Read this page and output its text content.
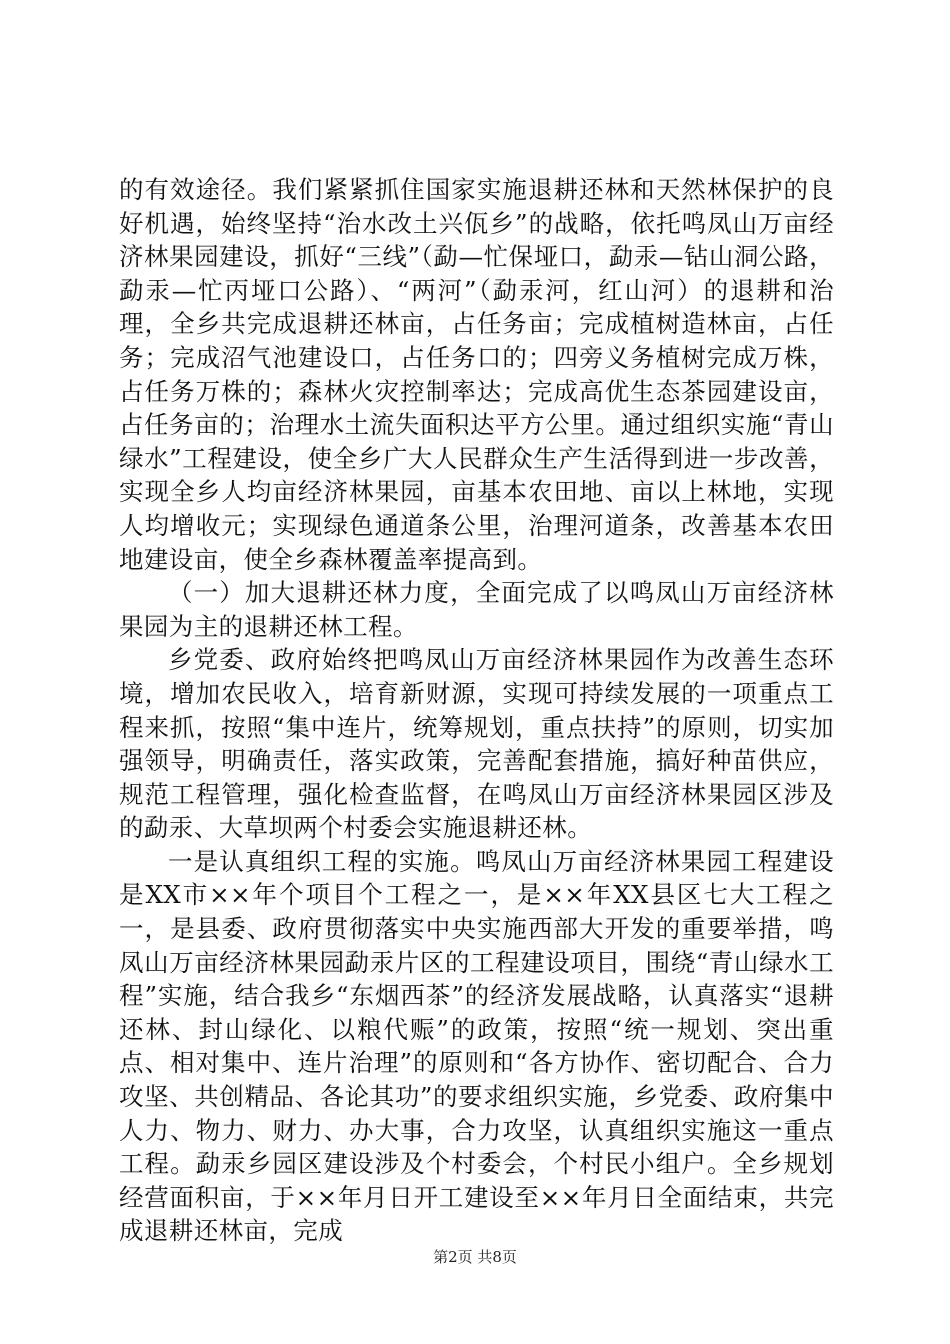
的有效途径。我们紧紧抓住国家实施退耕还林和天然林保护的良好机遇，始终坚持“治水改土兴佤乡”的战略，依托鸣凤山万亩经济林果园建设，抓好“三线”（勐—忙保垭口，勐汞—钻山洞公路，勐汞—忙丙垭口公路）、“两河”（勐汞河，红山河）的退耕和治理，全乡共完成退耕还林亩，占任务亩；完成植树造林亩，占任务；完成沼气池建设口，占任务口的；四旁义务植树完成万株，占任务万株的；森林火灾控制率达；完成高优生态茶园建设亩，占任务亩的；治理水土流失面积达平方公里。通过组织实施“青山绿水”工程建设，使全乡广大人民群众生产生活得到进一步改善，实现全乡人均亩经济林果园，亩基本农田地、亩以上林地，实现人均增收元；实现绿色通道条公里，治理河道条，改善基本农田地建设亩，使全乡森林覆盖率提高到。

（一）加大退耕还林力度，全面完成了以鸣凤山万亩经济林果园为主的退耕还林工程。

乡党委、政府始终把鸣凤山万亩经济林果园作为改善生态环境，增加农民收入，培育新财源，实现可持续发展的一项重点工程来抓，按照“集中连片，统筹规划，重点扶持”的原则，切实加强领导，明确责任，落实政策，完善配套措施，搞好种苗供应，规范工程管理，强化检查监督，在鸣凤山万亩经济林果园区涉及的勐汞、大草坝两个村委会实施退耕还林。

一是认真组织工程的实施。鸣凤山万亩经济林果园工程建设是XX市××年个项目个工程之一，是××年XX县区七大工程之一，是县委、政府贯彻落实中央实施西部大开发的重要举措，鸣凤山万亩经济林果园勐汞片区的工程建设项目，围绕“青山绿水工程”实施，结合我乡“东烟西茶”的经济发展战略，认真落实“退耕还林、封山绿化、以粮代赈”的政策，按照“统一规划、突出重点、相对集中、连片治理”的原则和“各方协作、密切配合、合力攻坚、共创精品、各论其功”的要求组织实施，乡党委、政府集中人力、物力、财力、办大事，合力攻坚，认真组织实施这一重点工程。勐汞乡园区建设涉及个村委会，个村民小组户。全乡规划经营面积亩，于××年月日开工建设至××年月日全面结束，共完成退耕还林亩，完成

第2页 共8页
